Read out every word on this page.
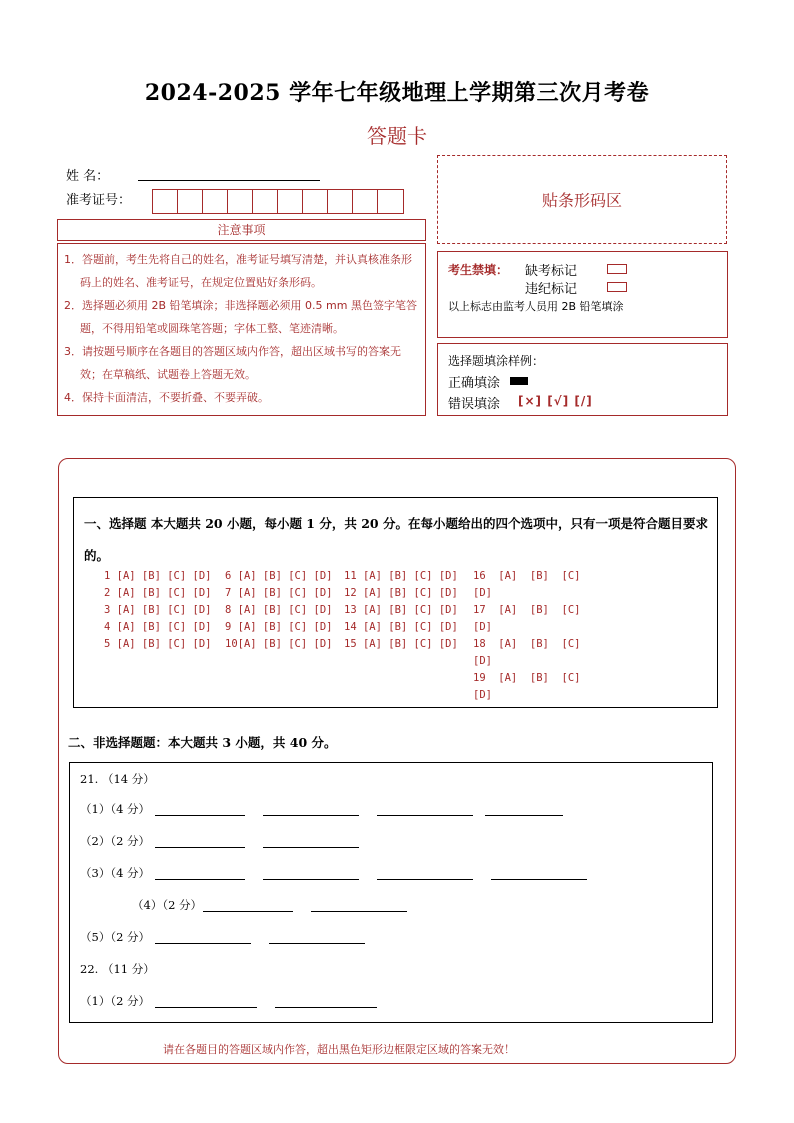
2024-2025 学年七年级地理上学期第三次月考卷
答题卡
姓 名：
准考证号：	贴条形码区
注意事项
1．答题前，考生先将自己的姓名，准考证号填写清楚，并认真核准条形码上的姓名、准考证号，在规定位置贴好条形码。
2．选择题必须用 2B 铅笔填涂；非选择题必须用 0.5 mm 黑色签字笔答题，不得用铅笔或圆珠笔答题；字体工整、笔迹清晰。
3．请按题号顺序在各题目的答题区域内作答，超出区域书写的答案无效；在草稿纸、试题卷上答题无效。
4．保持卡面清洁，不要折叠、不要弄破。
考生禁填： 缺考标记
违纪标记
以上标志由监考人员用 2B 铅笔填涂
选择题填涂样例：
正确填涂
错误填涂 [×] [√] [/]
一、选择题 本大题共 20 小题，每小题 1 分，共 20 分。在每小题给出的四个选项中，只有一项是符合题目要求的。
1 [A] [B] [C] [D]
2 [A] [B] [C] [D]
3 [A] [B] [C] [D]
4 [A] [B] [C] [D]
5 [A] [B] [C] [D]
6 [A] [B] [C] [D]
7 [A] [B] [C] [D]
8 [A] [B] [C] [D]
9 [A] [B] [C] [D]
10[A] [B] [C] [D]
11 [A] [B] [C] [D]
12 [A] [B] [C] [D]
13 [A] [B] [C] [D]
14 [A] [B] [C] [D]
15 [A] [B] [C] [D]
16  [A]  [B]  [C]
[D]
17  [A]  [B]  [C]
[D]
18  [A]  [B]  [C]
[D]
19  [A]  [B]  [C]
[D]
二、非选择题题：本大题共 3 小题，共 40 分。
21. （14 分）
（1）（4 分）
（2）（2 分）
（3）（4 分）
（4）（2 分）
（5）（2 分）
22. （11 分）
（1）（2 分）
请在各题目的答题区域内作答，超出黑色矩形边框限定区域的答案无效！
